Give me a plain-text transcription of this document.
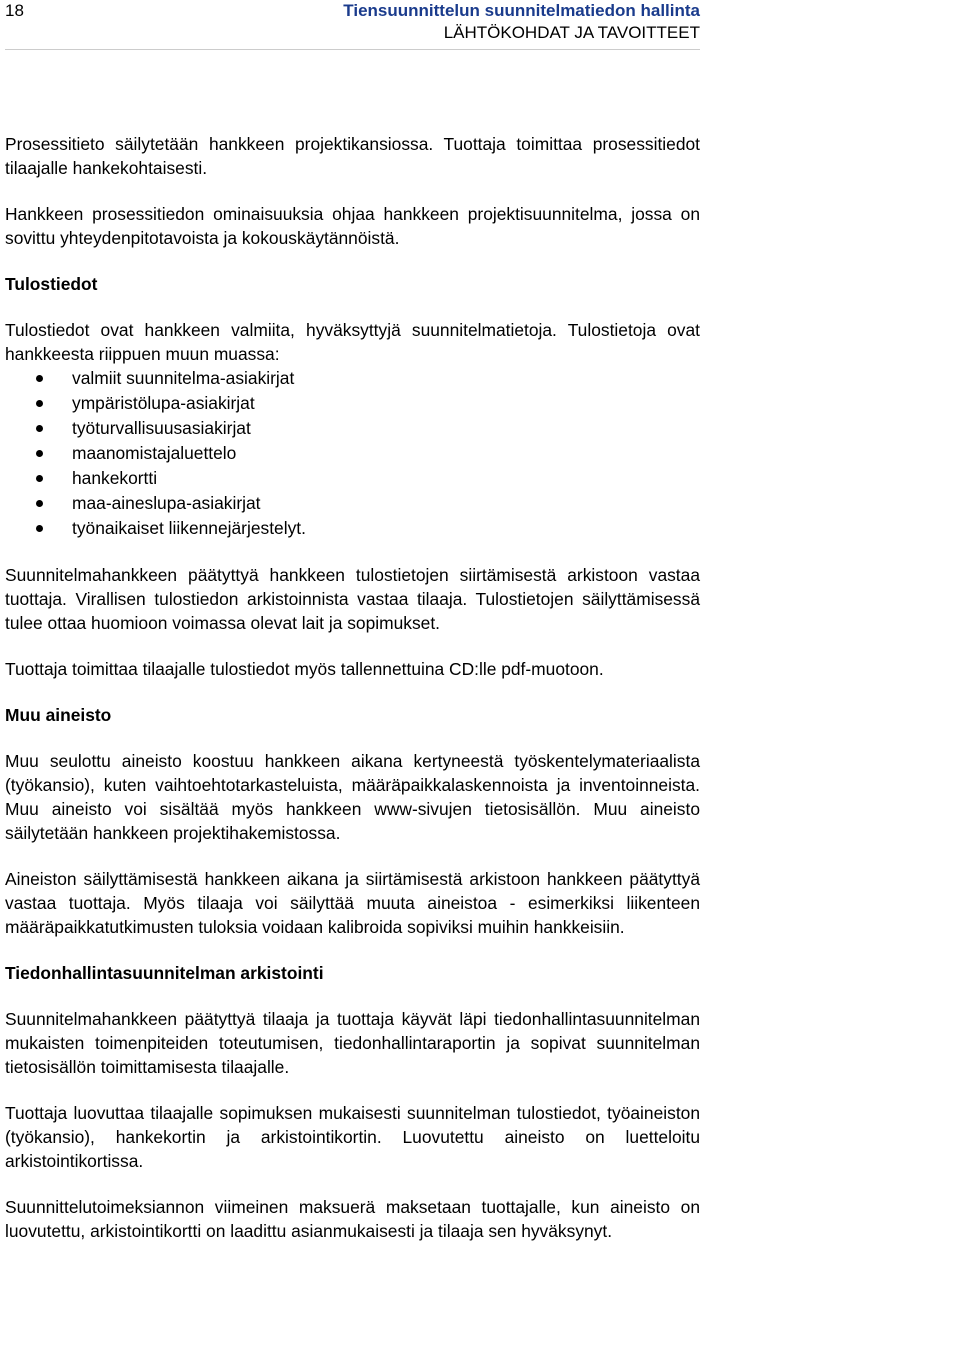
18	Tiensuunnittelun suunnitelmatiedon hallinta
LÄHTÖKOHDAT JA TAVOITTEET

Prosessitieto säilytetään hankkeen projektikansiossa. Tuottaja toimittaa prosessitiedot tilaajalle hankekohtaisesti.

Hankkeen prosessitiedon ominaisuuksia ohjaa hankkeen projektisuunnitelma, jossa on sovittu yhteydenpitotavoista ja kokouskäytännöistä.

Tulostiedot

Tulostiedot ovat hankkeen valmiita, hyväksyttyjä suunnitelmatietoja. Tulostietoja ovat hankkeesta riippuen muun muassa:

valmiit suunnitelma-asiakirjat
ympäristölupa-asiakirjat
työturvallisuusasiakirjat
maanomistajaluettelo
hankekortti
maa-aineslupa-asiakirjat
työnaikaiset liikennejärjestelyt.

Suunnitelmahankkeen päätyttyä hankkeen tulostietojen siirtämisestä arkistoon vastaa tuottaja. Virallisen tulostiedon arkistoinnista vastaa tilaaja. Tulostietojen säilyttämisessä tulee ottaa huomioon voimassa olevat lait ja sopimukset.

Tuottaja toimittaa tilaajalle tulostiedot myös tallennettuina CD:lle pdf-muotoon.

Muu aineisto

Muu seulottu aineisto koostuu hankkeen aikana kertyneestä työskentelymateriaalista (työkansio), kuten vaihtoehtotarkasteluista, määräpaikkalaskennoista ja inventoinneista. Muu aineisto voi sisältää myös hankkeen www-sivujen tietosisällön. Muu aineisto säilytetään hankkeen projektihakemistossa.

Aineiston säilyttämisestä hankkeen aikana ja siirtämisestä arkistoon hankkeen päätyttyä vastaa tuottaja. Myös tilaaja voi säilyttää muuta aineistoa - esimerkiksi liikenteen määräpaikkatutkimusten tuloksia voidaan kalibroida sopiviksi muihin hankkeisiin.

Tiedonhallintasuunnitelman arkistointi

Suunnitelmahankkeen päätyttyä tilaaja ja tuottaja käyvät läpi tiedonhallintasuunnitelman mukaisten toimenpiteiden toteutumisen, tiedonhallintaraportin ja sopivat suunnitelman tietosisällön toimittamisesta tilaajalle.

Tuottaja luovuttaa tilaajalle sopimuksen mukaisesti suunnitelman tulostiedot, työaineiston (työkansio), hankekortin ja arkistointikortin. Luovutettu aineisto on luetteloitu arkistointikortissa.

Suunnittelutoimeksiannon viimeinen maksuerä maksetaan tuottajalle, kun aineisto on luovutettu, arkistointikortti on laadittu asianmukaisesti ja tilaaja sen hyväksynyt.
